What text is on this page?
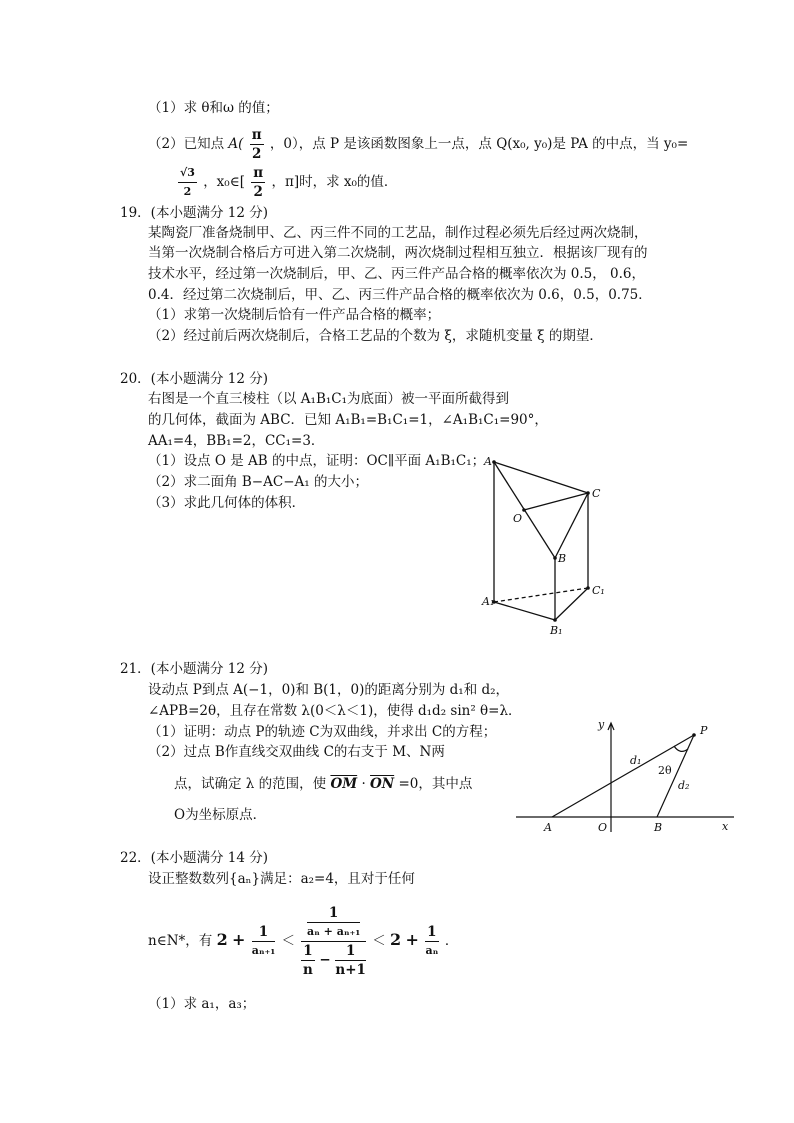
（1）求 θ和ω 的值；
（2）已知点 $A( \frac{\pi}{2}$ ，0），点 P 是该函数图象上一点，点 Q(x₀, y₀)是 PA 的中点，当 y₀=
$\frac{√3}{2}$ ，x₀∈[ $\frac{\pi}{2}$ ，π]时，求 x₀的值．
19．(本小题满分 12 分)
某陶瓷厂准备烧制甲、乙、丙三件不同的工艺品，制作过程必须先后经过两次烧制，
当第一次烧制合格后方可进入第二次烧制，两次烧制过程相互独立．根据该厂现有的
技术水平，经过第一次烧制后，甲、乙、丙三件产品合格的概率依次为 0.5， 0.6，
0.4．经过第二次烧制后，甲、乙、丙三件产品合格的概率依次为 0.6，0.5，0.75．
（1）求第一次烧制后恰有一件产品合格的概率；
（2）经过前后两次烧制后，合格工艺品的个数为 ξ，求随机变量 ξ 的期望．
20．(本小题满分 12 分)
右图是一个直三棱柱（以 A₁B₁C₁为底面）被一平面所截得到
的几何体，截面为 ABC．已知 A₁B₁=B₁C₁=1，∠A₁B₁C₁=90°，
AA₁=4，BB₁=2，CC₁=3．
（1）设点 O 是 AB 的中点，证明：OC∥平面 A₁B₁C₁；
（2）求二面角 B−AC−A₁ 的大小；
（3）求此几何体的体积．
A
C
O
B
A₁
C₁
B₁
21．(本小题满分 12 分)
设动点 P到点 A(−1，0)和 B(1，0)的距离分别为 d₁和 d₂，
∠APB=2θ，且存在常数 λ(0＜λ＜1)，使得 d₁d₂ sin² θ=λ．
（1）证明：动点 P的轨迹 C为双曲线，并求出 C的方程；
（2）过点 B作直线交双曲线 C的右支于 M、N两
点，试确定 λ 的范围，使 $\overline{OM} \cdot \overline{ON} =0$，其中点
O为坐标原点．
y
x
P
A	O	B
d₁
d₂
2θ
22．(本小题满分 14 分)
设正整数数列{aₙ}满足：a₂=4，且对于任何
n∈N*，有 $2 + \frac{1}{\text{aₙ₊₁}} < \frac{\frac{1}{\text{aₙ + aₙ₊₁}}}{\frac{1}{n} - \frac{1}{n+1}} < 2 + \frac{1}{\text{aₙ}}$ ．
（1）求 a₁，a₃；
